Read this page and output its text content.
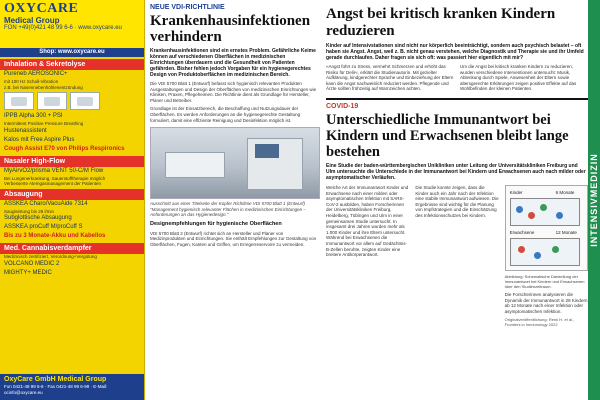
OXYCARE
Medical Group
FON +49(0)421 48 99 6-6 · www.oxycare.eu
Shop: www.oxycare.eu
Inhalation & Sekretolyse
Pureneb AEROSONIC+
mit 100 Hz Schall-Vibration
z.B. bei Nasennebenhöhlenentzündung
IPPB Alpha 300 + PSI
Intermittent Positive Pressure Breathing
Hustenassistent
Kalos mit Free Aspire Plus
Cough Assist E70 von Philips Respironics
Nasaler High-Flow
MyAirvO2/prisma VENT 50-C/M Flow
Bei Lungenerkrankung, Sauerstofftherapie möglich
Verbesserte Atemgasmanagement der Patienten
Absaugung
ASSKEA Charo/VacuAide 7314
Saugleistung bis 28 l/min
Subglottische Absaugung
ASSKEA proCuff M/proCuff S
Bis zu 3 Monate-Akku und Kabellos
Med. Cannabisverdampfer
Medizinisch zertifiziert, Verordnung+Vergütung
VOLCANO MEDIC 2
MIGHTY+ MEDIC
OxyCare GmbH Medical Group
Fon 0421-48 99 6-6 · Fax 0421-48 99 6-99 · E-Mail: ocinfo@oxycare.eu
NEUE VDI-RICHTLINIE
Krankenhausinfektionen verhindern
Krankenhausinfektionen sind ein ernstes Problem. Gefährliche Keime können auf verschiedenen Oberflächen in medizinischen Einrichtungen überdauern und die Gesundheit von Patienten gefährden. Bisher fehlen jedoch Vorgaben für ein hygienegerechtes Design von Produktoberflächen im medizinischen Bereich.
Die VDI 5700 Blatt 1 (Entwurf) befasst sich hygienisch relevanten Produkten Ausgestaltungen und Design der Oberflächen von medizinischen Einrichtungen wie Kliniken, Praxen, Pflegeheimen. Die Richtlinie dient als Grundlage für Hersteller, Planer und Betreiber.
Grundlage ist der Einsatzbereich, die Beschaffung und Nutzungsdauer der Oberflächen. Es werden Anforderungen an die hygienegerechte Gestaltung formuliert, damit eine effiziente Reinigung und Desinfektion möglich ist.
Ausschnitt aus einer Titelseite der Kopfer Richtlinie VDI 5700 Blatt 1 (Entwurf) "Management hygienisch relevanter Flächen in medizinischen Einrichtungen – Anforderungen an das Hygienedesign."
Designempfehlungen für hygienische Oberflächen
VDI 5700 Blatt 2 (Entwurf) richtet sich an Hersteller und Planer von Medizinprodukten und Einrichtungen. Sie enthält Empfehlungen zur Gestaltung von Oberflächen, Fugen, Kanten und Griffen, um Erregerreservoire zu vermeiden.
Angst bei kritisch kranken Kindern reduzieren
Kinder auf Intensivstationen sind nicht nur körperlich beeinträchtigt, sondern auch psychisch belastet – oft haben sie Angst. Angst, weil z. B. nicht genau verstehen, welche Diagnostik und Therapie sie und ihr Umfeld gerade durchlaufen. Daher fragen sie sich oft: was passiert hier eigentlich mit mir?
»Angst führt zu Stress, vermehrt Schmerzen und erhöht das Risiko für Delir«, erklärt die Studienautorin. Mit gezielter Aufklärung, kindgerechter Sprache und Einbeziehung der Eltern kann die Angst nachweislich reduziert werden. Pflegende und Ärzte sollten frühzeitig auf Warnzeichen achten.
Um die Angst bei kritisch kranken Kindern zu reduzieren, wurden verschiedene Interventionen untersucht: Musik, Ablenkung durch Spiele, Anwesenheit der Eltern sowie altersgerechte Erklärungen zeigen positive Effekte auf das Wohlbefinden der kleinen Patienten.
COVID-19
Unterschiedliche Immunantwort bei Kindern und Erwachsenen bleibt lange bestehen
Eine Studie der baden-württembergischen Unikliniken unter Leitung der Universitätskliniken Freiburg und Ulm untersuchte die Unterschiede in der Immunantwort bei Kindern und Erwachsenen auch nach milder oder asymptomatischer Verläufen.
Welche Art der Immunantwort Kinder und Erwachsene nach einer milden oder asymptomatischen Infektion mit SARS-CoV-2 ausbilden, haben Forscherinnen der Universitätskliniken Freiburg, Heidelberg, Tübingen und Ulm in einer gemeinsamen Studie untersucht. In insgesamt drei Jahren wurden mehr als 1.000 Kinder und ihre Eltern untersucht. Während bei Erwachsenen die Immunantwort vor allem auf Gedächtnis-B-Zellen beruhte, zeigten Kinder eine breitere Antikörperantwort.
Die Studie konnte zeigen, dass die Kinder auch ein Jahr nach der Infektion eine stabile Immunantwort aufwiesen. Die Ergebnisse sind wichtig für die Planung von Impfstrategien und die Einschätzung des Infektionsschutzes bei Kindern.
Kinder
Erwachsene
6 Monate
12 Monate
Abbildung: Schematische Darstellung der Immunantwort bei Kindern und Erwachsenen über den Studienzeitraum.
Die Forscherinnen analysieren die Dynamik der Immunantwort in 28 Kindern ab 12 Monate nach einer Infektion oder asymptomatischen Infektion.
Originalveröffentlichung: Renk H. et al., Frontiers in Immunology 2022
INTENSIVMEDIZIN
